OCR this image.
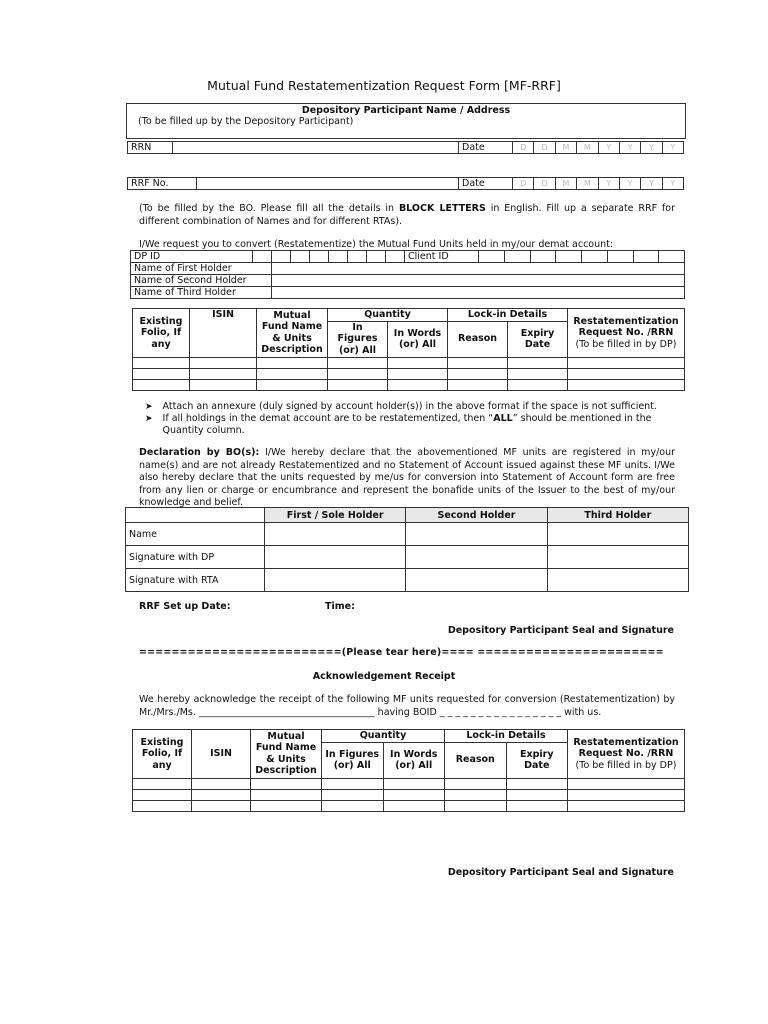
Mutual Fund Restatementization Request Form [MF-RRF]
Depository Participant Name / Address
(To be filled up by the Depository Participant)
RRN		Date	D	D	M	M	Y	Y	Y	Y
RRF No.		Date	D	D	M	M	Y	Y	Y	Y
(To be filled by the BO. Please fill all the details in BLOCK LETTERS in English. Fill up a separate RRF for different combination of Names and for different RTAs).
I/We request you to convert (Restatementize) the Mutual Fund Units held in my/our demat account:
DP ID									Client ID								
Name of First Holder																	
Name of Second Holder																	
Name of Third Holder																	
Existing Folio, If any	ISIN	Mutual Fund Name & Units Description	Quantity		Lock-in Details		Restatementization Request No. /RRN
(To be filled in by DP)

			In Figures (or) All	In Words (or) All	Reason	Expiry Date	

➤ Attach an annexure (duly signed by account holder(s)) in the above format if the space is not sufficient.
➤ If all holdings in the demat account are to be restatementized, then “ALL” should be mentioned in the Quantity column.
Declaration by BO(s): I/We hereby declare that the abovementioned MF units are registered in my/our name(s) and are not already Restatementized and no Statement of Account issued against these MF units. I/We also hereby declare that the units requested by me/us for conversion into Statement of Account form are free from any lien or charge or encumbrance and represent the bonafide units of the Issuer to the best of my/our knowledge and belief.
	First / Sole Holder	Second Holder	Third Holder
Name			
Signature with DP			
Signature with RTA			
RRF Set up Date:	Time:
Depository Participant Seal and Signature
=========================(Please tear here)==== =======================
Acknowledgement Receipt
We hereby acknowledge the receipt of the following MF units requested for conversion (Restatementization) by
Mr./Mrs./Ms. _____________________________________ having BOID _ _ _ _ _ _ _ _ _ _ _ _ _ _ _ _ with us.
Existing Folio, If any	ISIN	Mutual Fund Name & Units Description	Quantity		Lock-in Details		Restatementization Request No. /RRN
(To be filled in by DP)

			In Figures (or) All	In Words (or) All	Reason	Expiry Date	

Depository Participant Seal and Signature
